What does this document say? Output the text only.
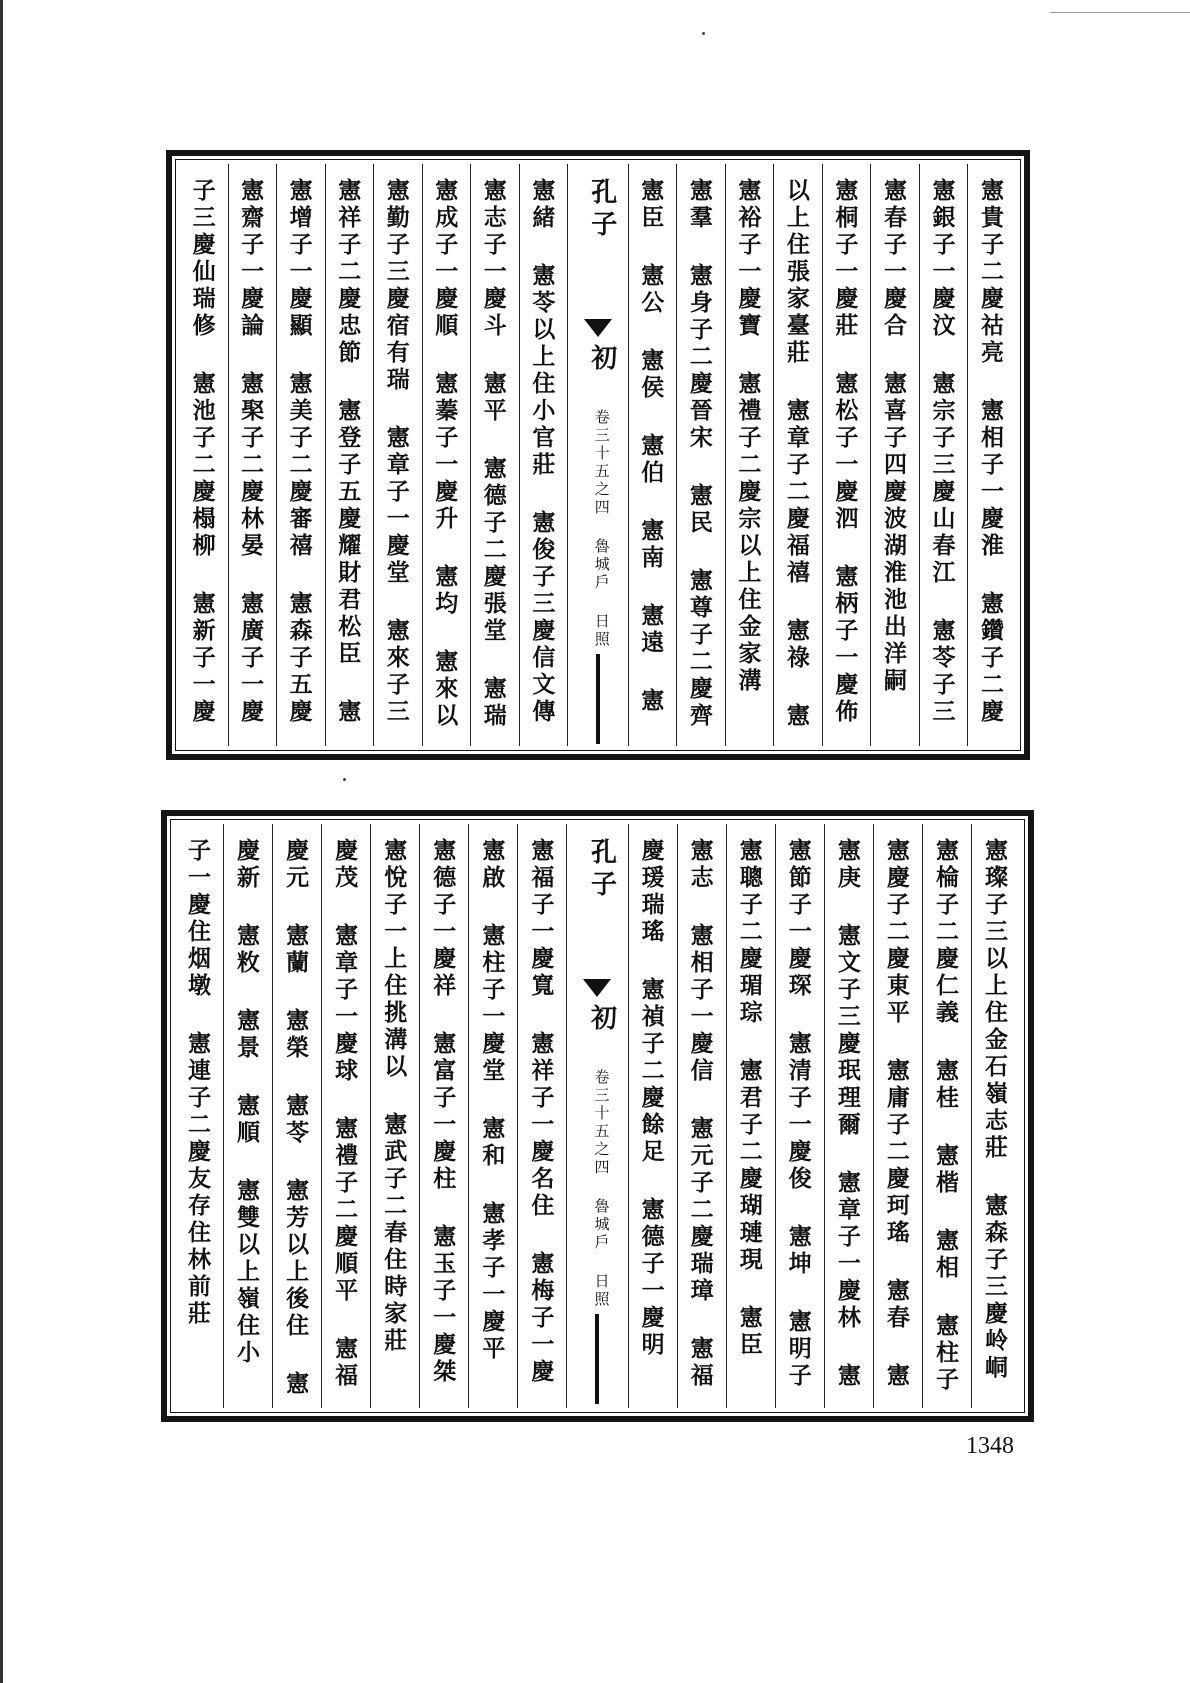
憲貴子二慶祜亮 憲相子一慶淮 憲鑽子二慶
憲銀子一慶汶 憲宗子三慶山春江 憲苓子三
憲春子一慶合 憲喜子四慶波湖淮池出洋嗣
憲桐子一慶莊 憲松子一慶泗 憲柄子一慶佈
以上住張家臺莊 憲章子二慶福禧 憲祿 憲
憲裕子一慶寶 憲禮子二慶宗以上住金家溝
憲羣 憲身子二慶晉宋 憲民 憲尊子二慶齊
憲臣 憲公 憲侯 憲伯 憲南 憲遠 憲
孔子
初
卷三十五之四 魯城戶 日照
憲緒 憲苓以上住小官莊 憲俊子三慶信文傳
憲志子一慶斗 憲平 憲德子二慶張堂 憲瑞
憲成子一慶順 憲蓁子一慶升 憲均 憲來以
憲勤子三慶宿有瑞 憲章子一慶堂 憲來子三
憲祥子二慶忠節 憲登子五慶耀財君松臣 憲
憲增子一慶顯 憲美子二慶審禧 憲森子五慶
憲齋子一慶論 憲棸子二慶林晏 憲廣子一慶
子三慶仙瑞修 憲池子二慶榻柳 憲新子一慶
憲璨子三以上住金石嶺志莊 憲森子三慶岭峒
憲棆子二慶仁義 憲桂 憲楷 憲相 憲柱子
憲慶子二慶東平 憲庸子二慶珂瑤 憲春 憲
憲庚 憲文子三慶珉理爾 憲章子一慶林 憲
憲節子一慶琛 憲清子一慶俊 憲坤 憲明子
憲聰子二慶瑂琮 憲君子二慶瑚璉現 憲臣
憲志 憲相子一慶信 憲元子二慶瑞璋 憲福
慶瑗瑞瑤 憲禎子二慶餘足 憲德子一慶明
孔子
初
卷三十五之四 魯城戶 日照
憲福子一慶寬 憲祥子一慶名住 憲梅子一慶
憲啟 憲柱子一慶堂 憲和 憲孝子一慶平
憲德子一慶祥 憲富子一慶柱 憲玉子一慶桀
憲悅子一上住挑溝以 憲武子二春住時家莊
慶茂 憲章子一慶球 憲禮子二慶順平 憲福
慶元 憲蘭 憲榮 憲苓 憲芳以上後住 憲
慶新 憲敉 憲景 憲順 憲雙以上嶺住小
子一慶住烟墩 憲連子二慶友存住林前莊
1348
